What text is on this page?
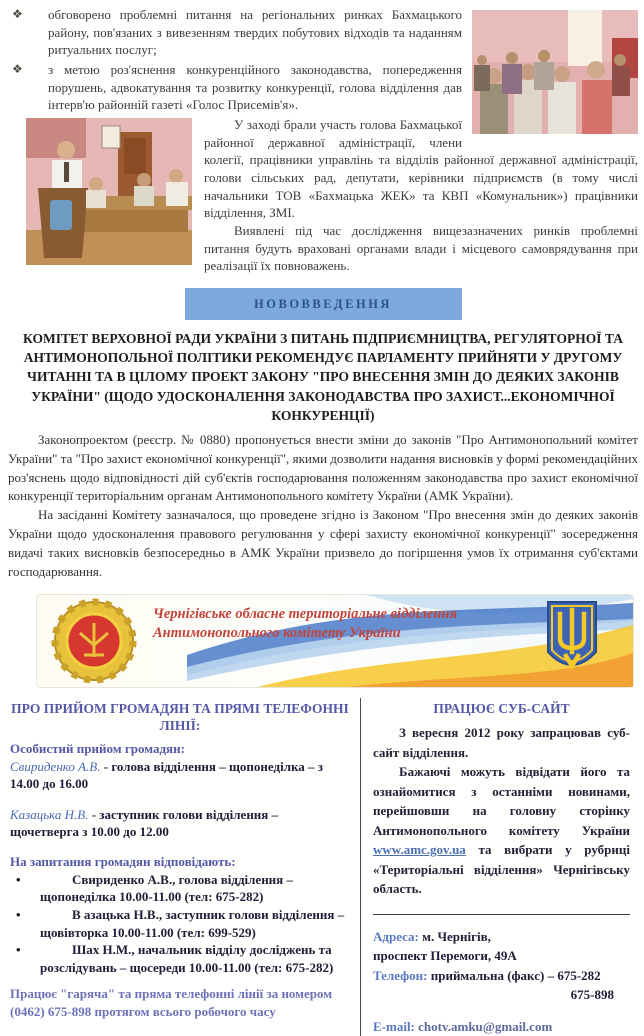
❖ обговорено проблемні питання на регіональних ринках Бахмацького району, пов'язаних з вивезенням твердих побутових відходів та наданням ритуальних послуг;
❖ з метою роз'яснення конкуренційного законодавства, попередження порушень, адвокатування та розвитку конкуренції, голова відділення дав інтерв'ю районній газеті «Голос Присемів'я».

У заході брали участь голова Бахмацької районної державної адміністрації, члени колегії, працівники управлінь та відділів районної державної адміністрації, голови сільських рад, депутати, керівники підприємств (в тому числі начальники ТОВ «Бахмацька ЖЕК» та КВП «Комунальник») працівники відділення, ЗМІ.

Виявлені під час дослідження вищезазначених ринків проблемні питання будуть враховані органами влади і місцевого самоврядування при реалізації їх повноважень.

НОВОВВЕДЕННЯ
КОМІТЕТ ВЕРХОВНОЇ РАДИ УКРАЇНИ З ПИТАНЬ ПІДПРИЄМНИЦТВА, РЕГУЛЯТОРНОЇ ТА АНТИМОНОПОЛЬНОЇ ПОЛІТИКИ РЕКОМЕНДУЄ ПАРЛАМЕНТУ ПРИЙНЯТИ У ДРУГОМУ ЧИТАННІ ТА В ЦІЛОМУ ПРОЕКТ ЗАКОНУ "ПРО ВНЕСЕННЯ ЗМІН ДО ДЕЯКИХ ЗАКОНІВ УКРАЇНИ" (ЩОДО УДОСКОНАЛЕННЯ ЗАКОНОДАВСТВА ПРО ЗАХИСТ...ЕКОНОМІЧНОЇ КОНКУРЕНЦІЇ)

Законопроектом (реєстр. № 0880) пропонується внести зміни до законів "Про Антимонопольний комітет України" та "Про захист економічної конкуренції", якими дозволити надання висновків у формі рекомендаційних роз'яснень щодо відповідності дій суб'єктів господарювання положенням законодавства про захист економічної конкуренції територіальним органам Антимонопольного комітету України (АМК України).

На засіданні Комітету зазначалося, що проведене згідно із Законом "Про внесення змін до деяких законів України щодо удосконалення правового регулювання у сфері захисту економічної конкуренції" зосередження видачі таких висновків безпосередньо в АМК України призвело до погіршення умов їх отримання суб'єктами господарювання.

Чернігівське обласне територіальне відділення Антимонопольного комітету України
ПРО ПРИЙОМ ГРОМАДЯН ТА ПРЯМІ ТЕЛЕФОННІ ЛІНІЇ:
Особистий прийом громадян:

Свириденко А.В. - голова відділення – щопонеділка – з 14.00 до 16.00

Казацька Н.В. - заступник голови відділення – щочетверга з 10.00 до 12.00

На запитання громадян відповідають:

•	Свириденко А.В., голова відділення – щопонеділка 10.00-11.00 (тел: 675-282)

•	В азацька Н.В., заступник голови відділення – щовівторка 10.00-11.00 (тел: 699-529)

•	Шах Н.М., начальник відділу досліджень та розслідувань – щосереди 10.00-11.00 (тел: 675-282)

Працює "гаряча" та пряма телефонні лінії за номером (0462) 675-898 протягом всього робочого часу
ПРАЦЮЄ СУБ-САЙТ

З вересня 2012 року запрацював суб-сайт відділення.

Бажаючі можуть відвідати його та ознайомитися з останніми новинами, перейшовши на головну сторінку Антимонопольного комітету України www.amc.gov.ua та вибрати у рубриці «Територіальні відділення» Чернігівську область.

Адреса: м. Чернігів,

проспект Перемоги, 49А

Телефон: приймальна (факс) – 675-282

675-898

E-mail: chotv.amku@gmail.com
